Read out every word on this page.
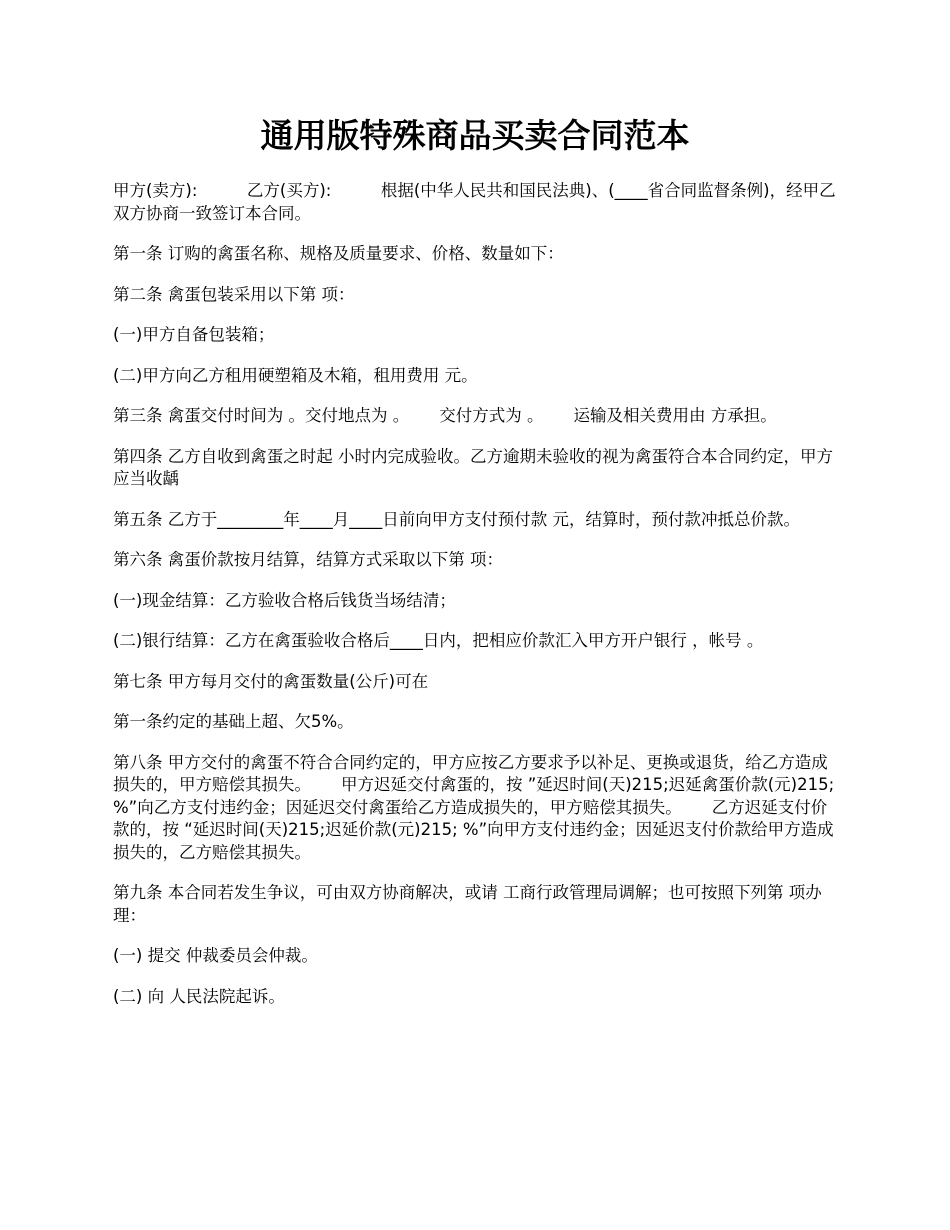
通用版特殊商品买卖合同范本

甲方(卖方):　　　乙方(买方):　　　根据(中华人民共和国民法典)、(____省合同监督条例)，经甲乙双方协商一致签订本合同。

第一条 订购的禽蛋名称、规格及质量要求、价格、数量如下：

第二条 禽蛋包装采用以下第 项：

(一)甲方自备包装箱；

(二)甲方向乙方租用硬塑箱及木箱，租用费用 元。

第三条 禽蛋交付时间为 。交付地点为 。　　 交付方式为 。　　 运输及相关费用由 方承担。

第四条 乙方自收到禽蛋之时起 小时内完成验收。乙方逾期未验收的视为禽蛋符合本合同约定，甲方应当收龋

第五条 乙方于________年____月____日前向甲方支付预付款 元，结算时，预付款冲抵总价款。

第六条 禽蛋价款按月结算，结算方式采取以下第 项：

(一)现金结算：乙方验收合格后钱货当场结清；

(二)银行结算：乙方在禽蛋验收合格后____日内，把相应价款汇入甲方开户银行 ，帐号 。

第七条 甲方每月交付的禽蛋数量(公斤)可在

第一条约定的基础上超、欠5%。

第八条 甲方交付的禽蛋不符合合同约定的，甲方应按乙方要求予以补足、更换或退货，给乙方造成损失的，甲方赔偿其损失。　　 甲方迟延交付禽蛋的，按 ”延迟时间(天)215;迟延禽蛋价款(元)215; %”向乙方支付违约金；因延迟交付禽蛋给乙方造成损失的，甲方赔偿其损失。　　 乙方迟延支付价款的，按 “延迟时间(天)215;迟延价款(元)215; %”向甲方支付违约金；因延迟支付价款给甲方造成损失的，乙方赔偿其损失。

第九条 本合同若发生争议，可由双方协商解决，或请 工商行政管理局调解；也可按照下列第 项办理：

(一) 提交 仲裁委员会仲裁。

(二) 向 人民法院起诉。
